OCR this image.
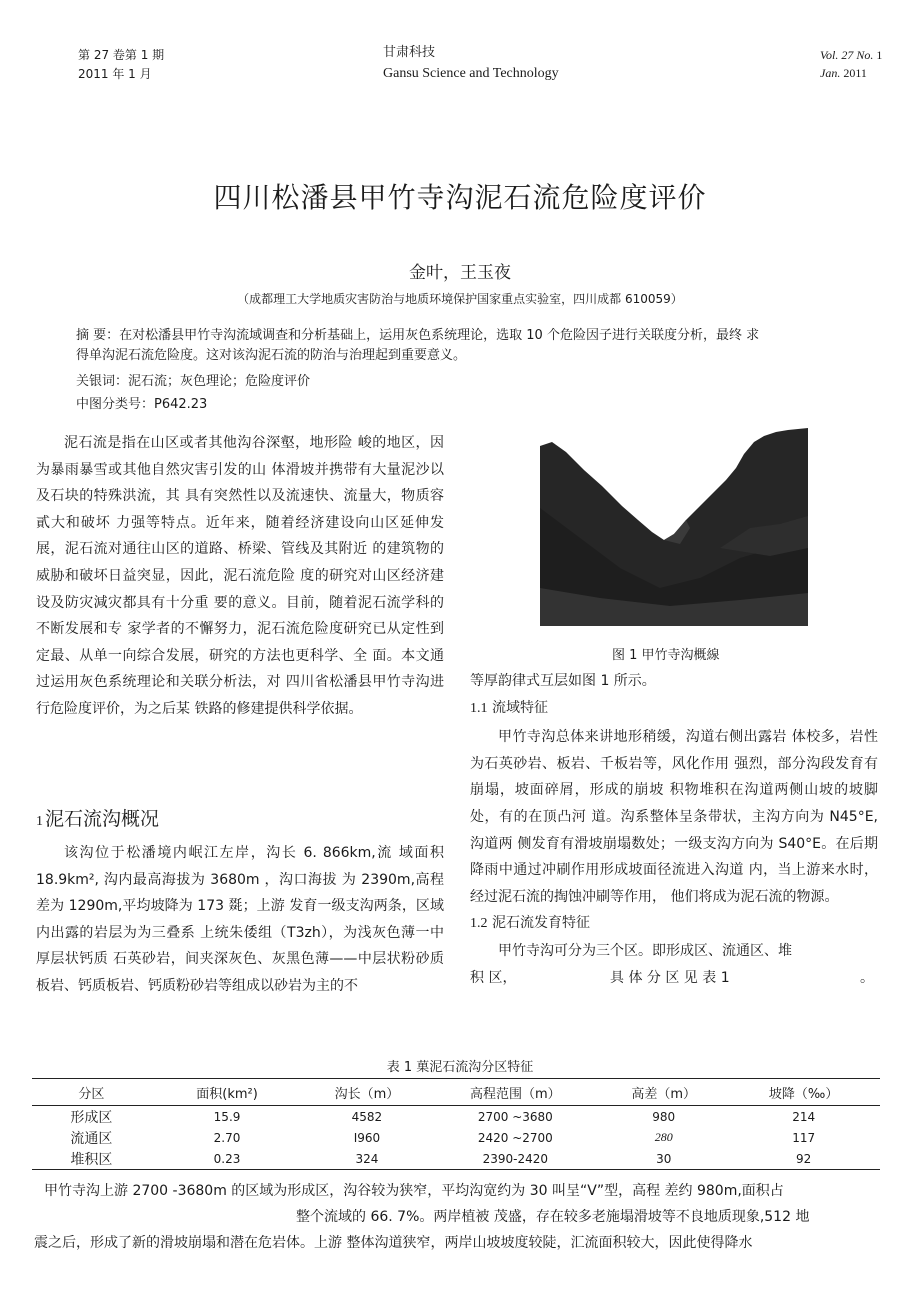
第 27 卷第 1 期
2011 年 1 月
甘肃科技
Gansu Science and Technology
Vol. 27 No. 1
Jan. 2011
四川松潘县甲竹寺沟泥石流危险度评价
金叶，王玉夜
（成都理工大学地质灾害防治与地质环境保护国家重点实验室，四川成都 610059）
摘 要：在对松潘县甲竹寺沟流域调查和分析基础上，运用灰色系统理论，选取 10 个危险因子进行关联度分析，最终 求
得单沟泥石流危险度。这对该沟泥石流的防治与治理起到重要意义。
关银词：泥石流；灰色理论；危险度评价
中图分类号：P642.23

泥石流是指在山区或者其他沟谷深壑，地形险 峻的地区，因为暴雨暴雪或其他自然灾害引发的山 体滑坡并携带有大量泥沙以及石块的特殊洪流，其 具有突然性以及流速快、流量大，物质容貳大和破坏 力强等特点。近年来，随着经济建设向山区延伸发 展，泥石流对通往山区的道路、桥梁、管线及其附近 的建筑物的威胁和破坏日益突显，因此，泥石流危险 度的研究对山区经济建设及防灾減灾都具有十分重 要的意义。目前，随着泥石流学科的不断发展和专 家学者的不懈努力，泥石流危险度研究已从定性到 定最、从单一向综合发展，研究的方法也更科学、全 面。本文通过运用灰色系统理论和关联分析法，对 四川省松潘县甲竹寺沟进行危险度评价，为之后某 铁路的修建提供科学依据。

1 泥石流沟概况

该沟位于松潘境内岷江左岸，沟长 6. 866km,流 域面积 18.9km², 沟内最高海拔为 3680m ，沟口海拔 为 2390m,高程差为 1290m,平均坡降为 173 毲；上游 发育一级支沟两条，区域内出露的岩层为为三叠系 上统朱倭组（T3zh），为浅灰色薄一中厚层状钙质 石英砂岩，间夹深灰色、灰黑色薄——中层状粉砂质 板岩、钙质板岩、钙质粉砂岩等组成以砂岩为主的不

图 1 甲竹寺沟概線

等厚韵律式互层如图 1 所示。

1.1 流域特征

甲竹寺沟总体来讲地形稍缓，沟道右侧出露岩 体校多，岩性为石英砂岩、板岩、千板岩等，风化作用 强烈，部分沟段发育有崩塌，坡面碎屑，形成的崩坡 积物堆积在沟道两侧山坡的坡脚处，有的在顶凸河 道。沟系整体呈条带状，主沟方向为 N45°E, 沟道两 侧发育有滑坡崩塌数处；一级支沟方向为 S40°E。在后期降雨中通过冲刷作用形成坡面径流进入沟道 内，当上游来水时，经过泥石流的掏蚀冲刷等作用， 他们将成为泥石流的物源。

1.2 泥石流发育特征

甲竹寺沟可分为三个区。即形成区、流通区、堆

积 区，	具 体 分 区 见 表 1	。

表 1 菓泥石流沟分区特征
分区	面积(km²)	沟长（m）	高程范围（m）	高差（m）	坡降（‰）
形成区	15.9	4582	2700 ~3680	980	214
流通区	2.70	I960	2420 ~2700	280	117
堆积区	0.23	324	2390-2420	30	92

甲竹寺沟上游 2700 -3680m 的区域为形成区，沟谷较为狭窄，平均沟宽约为 30 叫呈“V”型，高程 差约 980m,面积占

整个流域的 66. 7%。两岸植被 茂盛，存在较多老施塌滑坡等不良地质现象,512 地

震之后，形成了新的滑坡崩塌和潜在危岩体。上游 整体沟道狭窄，两岸山坡坡度较陡，汇流面积较大，因此使得降水
